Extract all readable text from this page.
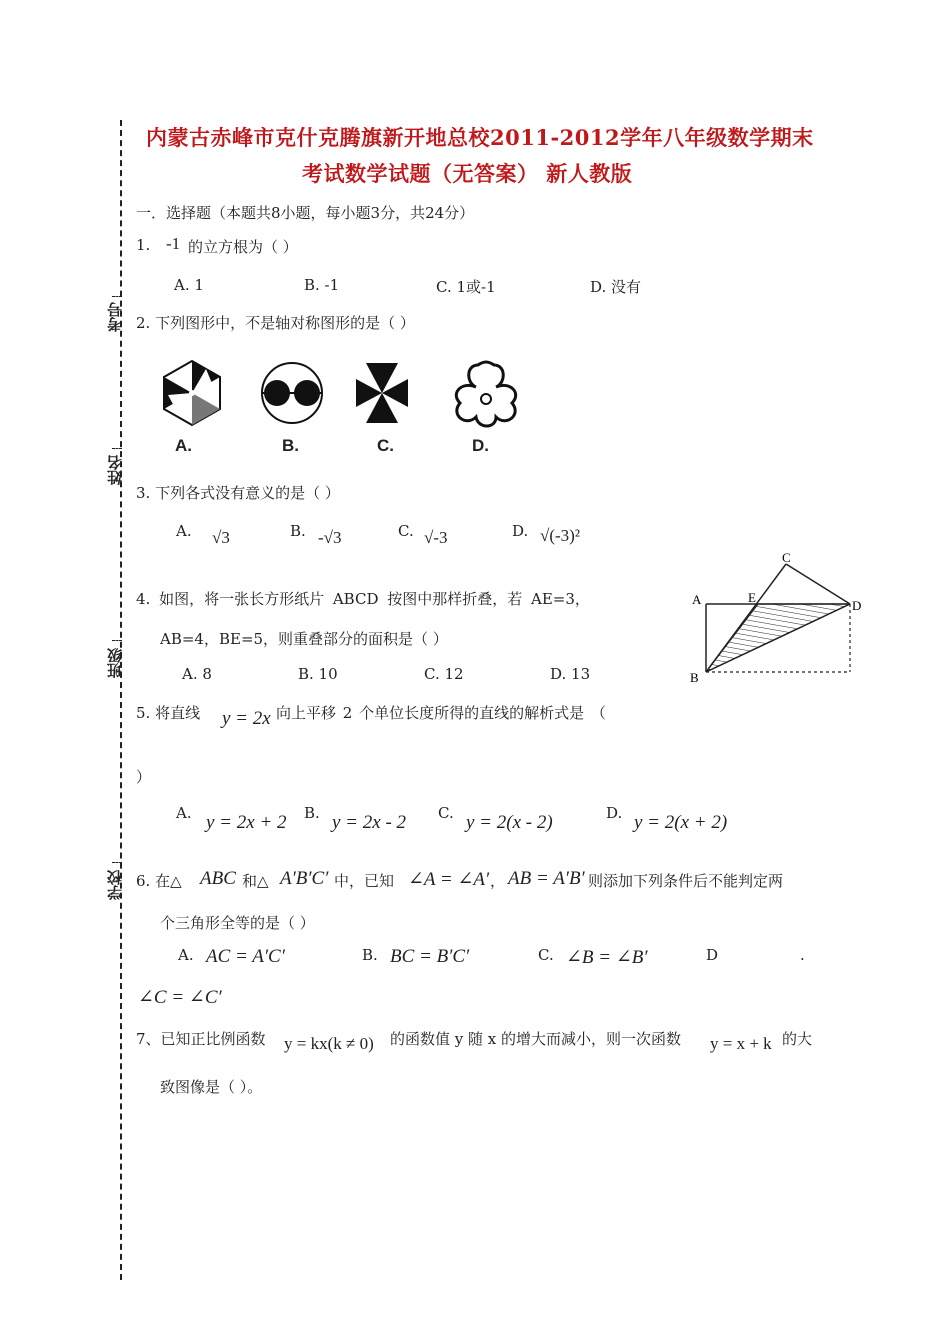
内蒙古赤峰市克什克腾旗新开地总校2011-2012学年八年级数学期末
考试数学试题（无答案） 新人教版
考号
姓名
班级
学校
一．选择题（本题共8小题，每小题3分，共24分）
1. -1 的立方根为（ ）
A. 1	B. -1	C. 1或-1	D. 没有
2. 下列图形中，不是轴对称图形的是（ ）
A.	B.	C.	D.
3. 下列各式没有意义的是（ ）
A. √3	B. -√3	C. √-3	D. √(-3)²
4. 如图，将一张长方形纸片 ABCD 按图中那样折叠，若 AE=3，
AB=4，BE=5，则重叠部分的面积是（ ）
A. 8	B. 10	C. 12	D. 13
A
B
C
D
E
5. 将直线 y = 2x 向上平移 2 个单位长度所得的直线的解析式是 （
）
A. y = 2x + 2 B. y = 2x - 2 C. y = 2(x - 2)	D. y = 2(x + 2)
6. 在△ ABC 和△ A′B′C′ 中，已知 ∠A = ∠A′ ， AB = A′B′ 则添加下列条件后不能判定两
个三角形全等的是（ ）
A. AC = A′C′	B. BC = B′C′	C. ∠B = ∠B′	D	.
∠C = ∠C′
7、已知正比例函数 y = kx(k ≠ 0) 的函数值 y 随 x 的增大而减小，则一次函数 y = x + k 的大
致图像是（ ）。
